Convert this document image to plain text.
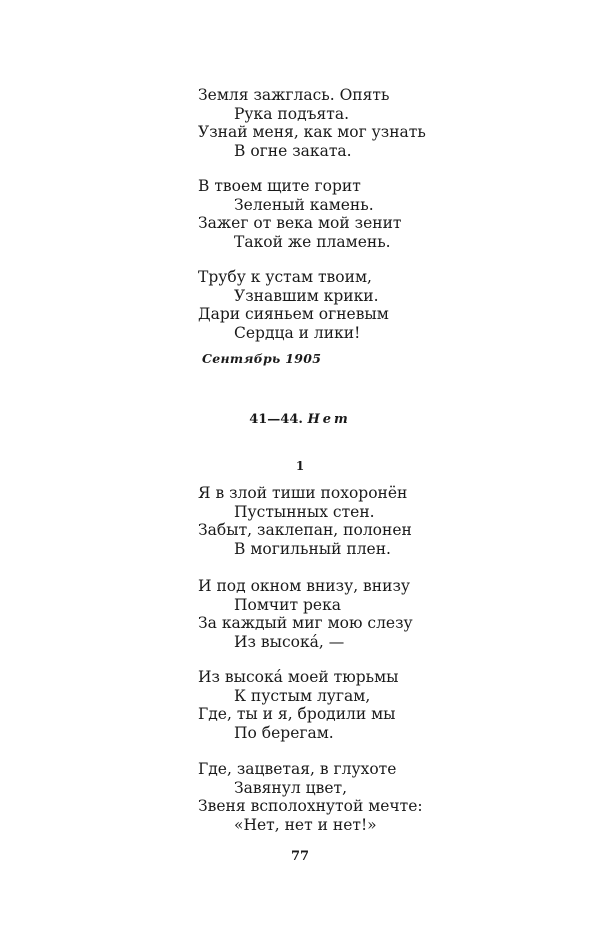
Земля зажглась. Опять
Рука подъята.
Узнай меня, как мог узнать
В огне заката.
В твоем щите горит
Зеленый камень.
Зажег от века мой зенит
Такой же пламень.
Трубу к устам твоим,
Узнавшим крики.
Дари сияньем огневым
Сердца и лики!
Сентябрь 1905
41—44. Нет
1
Я в злой тиши похоронён
Пустынных стен.
Забыт, заклепан, полонен
В могильный плен.
И под окном внизу, внизу
Помчит река
За каждый миг мою слезу
Из высока́, —
Из высока́ моей тюрьмы
К пустым лугам,
Где, ты и я, бродили мы
По берегам.
Где, зацветая, в глухоте
Завянул цвет,
Звеня всполохнутой мечте:
«Нет, нет и нет!»
77
